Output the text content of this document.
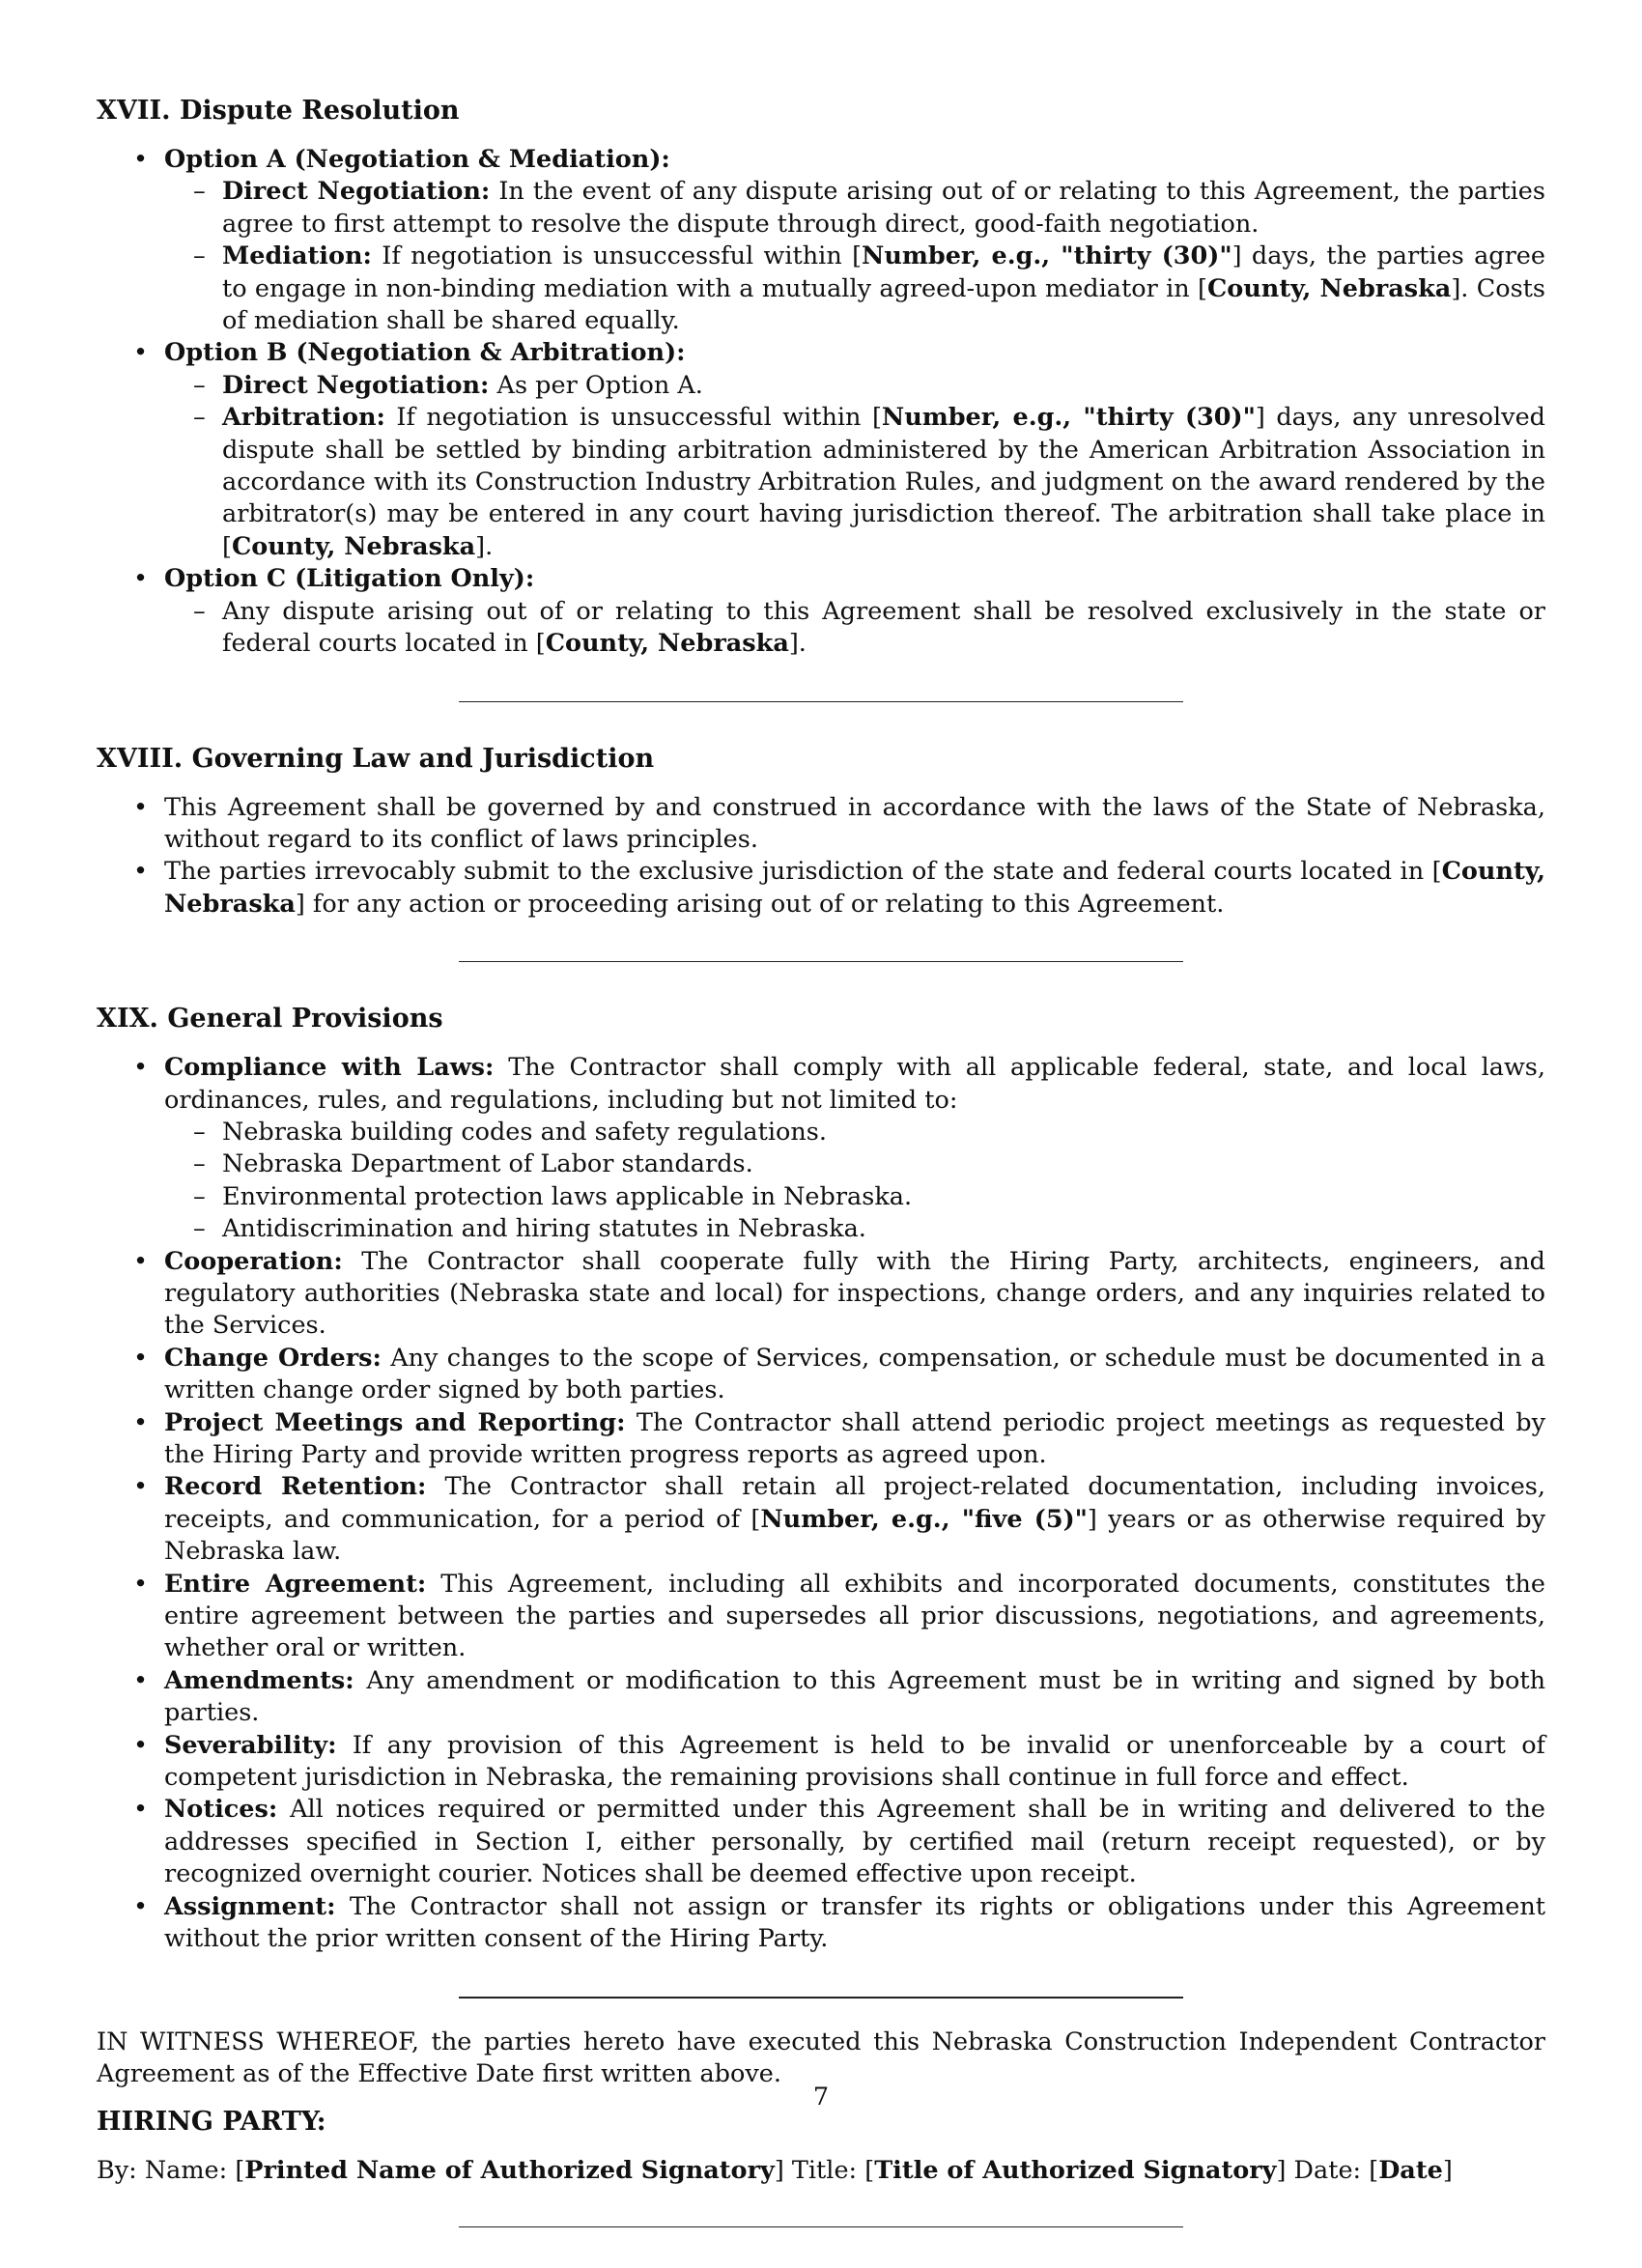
XVII. Dispute Resolution
• Option A (Negotiation & Mediation):
– Direct Negotiation: In the event of any dispute arising out of or relating to this Agreement, the parties agree to first attempt to resolve the dispute through direct, good-faith negotiation.
– Mediation: If negotiation is unsuccessful within [Number, e.g., "thirty (30)"] days, the parties agree to engage in non-binding mediation with a mutually agreed-upon mediator in [County, Nebraska]. Costs of mediation shall be shared equally.
• Option B (Negotiation & Arbitration):
– Direct Negotiation: As per Option A.
– Arbitration: If negotiation is unsuccessful within [Number, e.g., "thirty (30)"] days, any unresolved dispute shall be settled by binding arbitration administered by the American Arbitration Association in accordance with its Construction Industry Arbitration Rules, and judgment on the award rendered by the arbitrator(s) may be entered in any court having jurisdiction thereof. The arbitration shall take place in [County, Nebraska].
• Option C (Litigation Only):
– Any dispute arising out of or relating to this Agreement shall be resolved exclusively in the state or federal courts located in [County, Nebraska].
XVIII. Governing Law and Jurisdiction
• This Agreement shall be governed by and construed in accordance with the laws of the State of Nebraska, without regard to its conflict of laws principles.
• The parties irrevocably submit to the exclusive jurisdiction of the state and federal courts located in [County, Nebraska] for any action or proceeding arising out of or relating to this Agreement.
XIX. General Provisions
• Compliance with Laws: The Contractor shall comply with all applicable federal, state, and local laws, ordinances, rules, and regulations, including but not limited to:
– Nebraska building codes and safety regulations.
– Nebraska Department of Labor standards.
– Environmental protection laws applicable in Nebraska.
– Antidiscrimination and hiring statutes in Nebraska.
• Cooperation: The Contractor shall cooperate fully with the Hiring Party, architects, engineers, and regulatory authorities (Nebraska state and local) for inspections, change orders, and any inquiries related to the Services.
• Change Orders: Any changes to the scope of Services, compensation, or schedule must be documented in a written change order signed by both parties.
• Project Meetings and Reporting: The Contractor shall attend periodic project meetings as requested by the Hiring Party and provide written progress reports as agreed upon.
• Record Retention: The Contractor shall retain all project-related documentation, including invoices, receipts, and communication, for a period of [Number, e.g., "five (5)"] years or as otherwise required by Nebraska law.
• Entire Agreement: This Agreement, including all exhibits and incorporated documents, constitutes the entire agreement between the parties and supersedes all prior discussions, negotiations, and agreements, whether oral or written.
• Amendments: Any amendment or modification to this Agreement must be in writing and signed by both parties.
• Severability: If any provision of this Agreement is held to be invalid or unenforceable by a court of competent jurisdiction in Nebraska, the remaining provisions shall continue in full force and effect.
• Notices: All notices required or permitted under this Agreement shall be in writing and delivered to the addresses specified in Section I, either personally, by certified mail (return receipt requested), or by recognized overnight courier. Notices shall be deemed effective upon receipt.
• Assignment: The Contractor shall not assign or transfer its rights or obligations under this Agreement without the prior written consent of the Hiring Party.

IN WITNESS WHEREOF, the parties hereto have executed this Nebraska Construction Independent Contractor Agreement as of the Effective Date first written above.

HIRING PARTY:

By: Name: [Printed Name of Authorized Signatory] Title: [Title of Authorized Signatory] Date: [Date]

7
